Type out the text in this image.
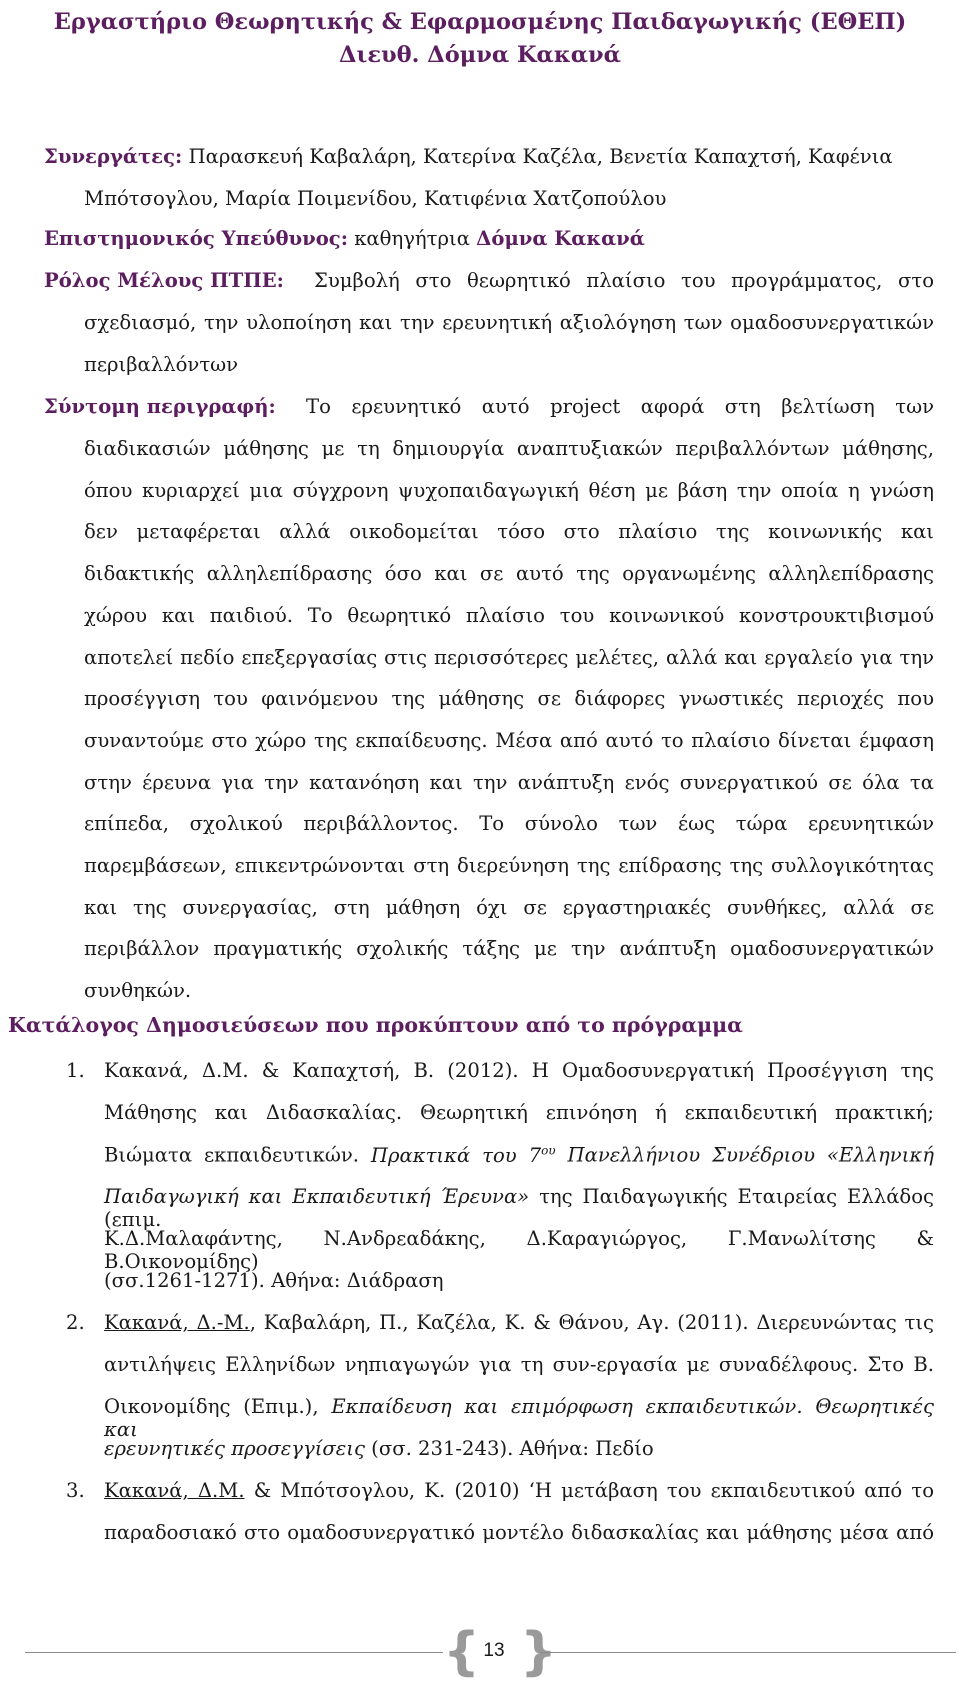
Εργαστήριο Θεωρητικής & Εφαρμοσμένης Παιδαγωγικής (ΕΘΕΠ)
Διευθ. Δόμνα Κακανά
Συνεργάτες: Παρασκευή Καβαλάρη, Κατερίνα Καζέλα, Βενετία Καπαχτσή, Καφένια
Μπότσογλου, Μαρία Ποιμενίδου, Κατιφένια Χατζοπούλου
Επιστημονικός Υπεύθυνος: καθηγήτρια Δόμνα Κακανά
Ρόλος Μέλους ΠΤΠΕ: Συμβολή στο θεωρητικό πλαίσιο του προγράμματος, στο
σχεδιασμό, την υλοποίηση και την ερευνητική αξιολόγηση των ομαδοσυνεργατικών
περιβαλλόντων
Σύντομη περιγραφή: Το ερευνητικό αυτό project αφορά στη βελτίωση των
διαδικασιών μάθησης με τη δημιουργία αναπτυξιακών περιβαλλόντων μάθησης,
όπου κυριαρχεί μια σύγχρονη ψυχοπαιδαγωγική θέση με βάση την οποία η γνώση
δεν μεταφέρεται αλλά οικοδομείται τόσο στο πλαίσιο της κοινωνικής και
διδακτικής αλληλεπίδρασης όσο και σε αυτό της οργανωμένης αλληλεπίδρασης
χώρου και παιδιού. Το θεωρητικό πλαίσιο του κοινωνικού κονστρουκτιβισμού
αποτελεί πεδίο επεξεργασίας στις περισσότερες μελέτες, αλλά και εργαλείο για την
προσέγγιση του φαινόμενου της μάθησης σε διάφορες γνωστικές περιοχές που
συναντούμε στο χώρο της εκπαίδευσης. Μέσα από αυτό το πλαίσιο δίνεται έμφαση
στην έρευνα για την κατανόηση και την ανάπτυξη ενός συνεργατικού σε όλα τα
επίπεδα, σχολικού περιβάλλοντος. Το σύνολο των έως τώρα ερευνητικών
παρεμβάσεων, επικεντρώνονται στη διερεύνηση της επίδρασης της συλλογικότητας
και της συνεργασίας, στη μάθηση όχι σε εργαστηριακές συνθήκες, αλλά σε
περιβάλλον πραγματικής σχολικής τάξης με την ανάπτυξη ομαδοσυνεργατικών
συνθηκών.
Κατάλογος Δημοσιεύσεων που προκύπτουν από το πρόγραμμα
1. Κακανά, Δ.Μ. & Καπαχτσή, Β. (2012). Η Ομαδοσυνεργατική Προσέγγιση της
Μάθησης και Διδασκαλίας. Θεωρητική επινόηση ή εκπαιδευτική πρακτική;
Βιώματα εκπαιδευτικών. Πρακτικά του $7^{o\upsilon}$ Πανελλήνιου Συνέδριου «Ελληνική
Παιδαγωγική και Εκπαιδευτική Έρευνα» της Παιδαγωγικής Εταιρείας Ελλάδος (επιμ.
Κ.Δ.Μαλαφάντης, Ν.Ανδρεαδάκης, Δ.Καραγιώργος, Γ.Μανωλίτσης & Β.Οικονομίδης)
(σσ.1261-1271). Αθήνα: Διάδραση
2. Κακανά, Δ.-Μ., Καβαλάρη, Π., Καζέλα, Κ. & Θάνου, Αγ. (2011). Διερευνώντας τις
αντιλήψεις Ελληνίδων νηπιαγωγών για τη συν-εργασία με συναδέλφους. Στο Β.
Οικονομίδης (Επιμ.), Εκπαίδευση και επιμόρφωση εκπαιδευτικών. Θεωρητικές και
ερευνητικές προσεγγίσεις (σσ. 231-243). Αθήνα: Πεδίο
3. Κακανά, Δ.Μ. & Μπότσογλου, Κ. (2010) ‘Η μετάβαση του εκπαιδευτικού από το
παραδοσιακό στο ομαδοσυνεργατικό μοντέλο διδασκαλίας και μάθησης μέσα από
{ 13 }
